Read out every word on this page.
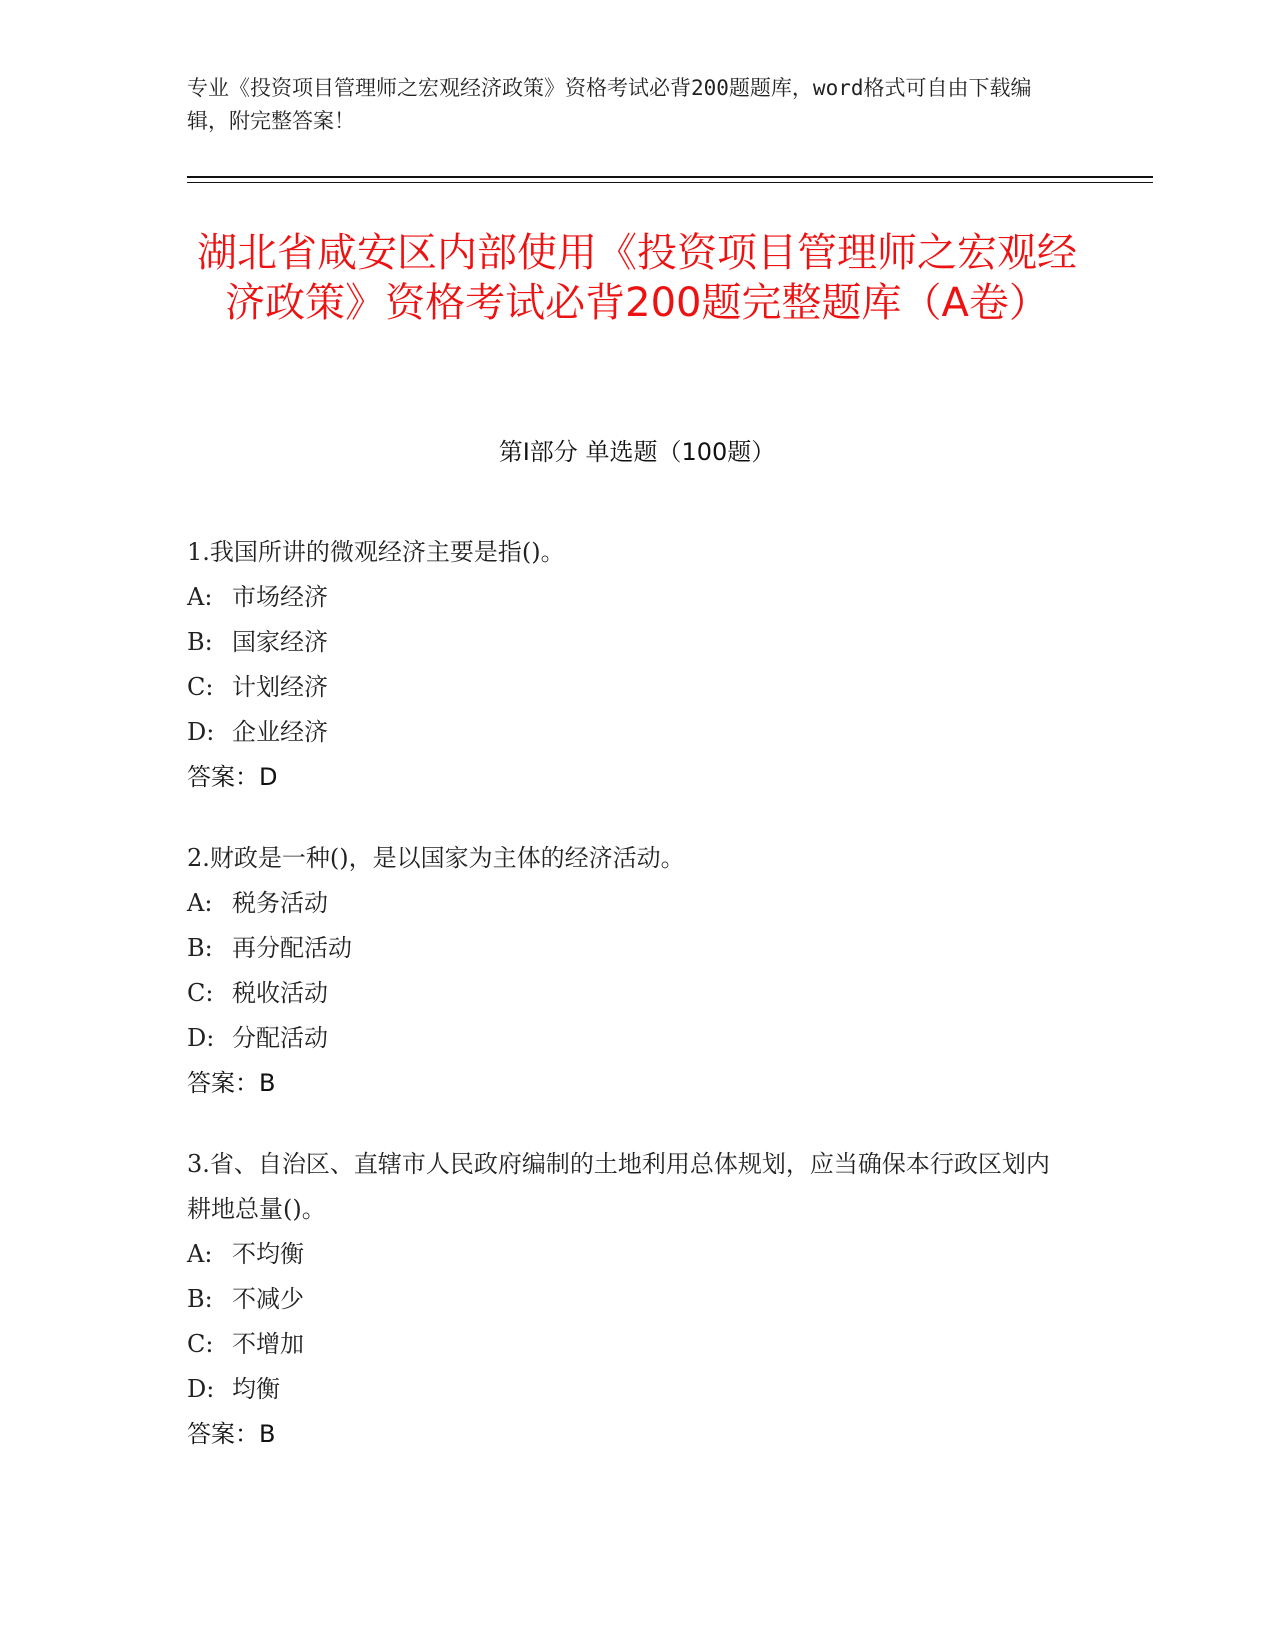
专业《投资项目管理师之宏观经济政策》资格考试必背200题题库，word格式可自由下载编辑，附完整答案！
湖北省咸安区内部使用《投资项目管理师之宏观经济政策》资格考试必背200题完整题库（A卷）
第I部分 单选题（100题）

1.我国所讲的微观经济主要是指()。

A: 市场经济

B: 国家经济

C: 计划经济

D: 企业经济

答案：D

2.财政是一种()，是以国家为主体的经济活动。

A: 税务活动

B: 再分配活动

C: 税收活动

D: 分配活动

答案：B

3.省、自治区、直辖市人民政府编制的土地利用总体规划，应当确保本行政区划内耕地总量()。

A: 不均衡

B: 不减少

C: 不增加

D: 均衡

答案：B
